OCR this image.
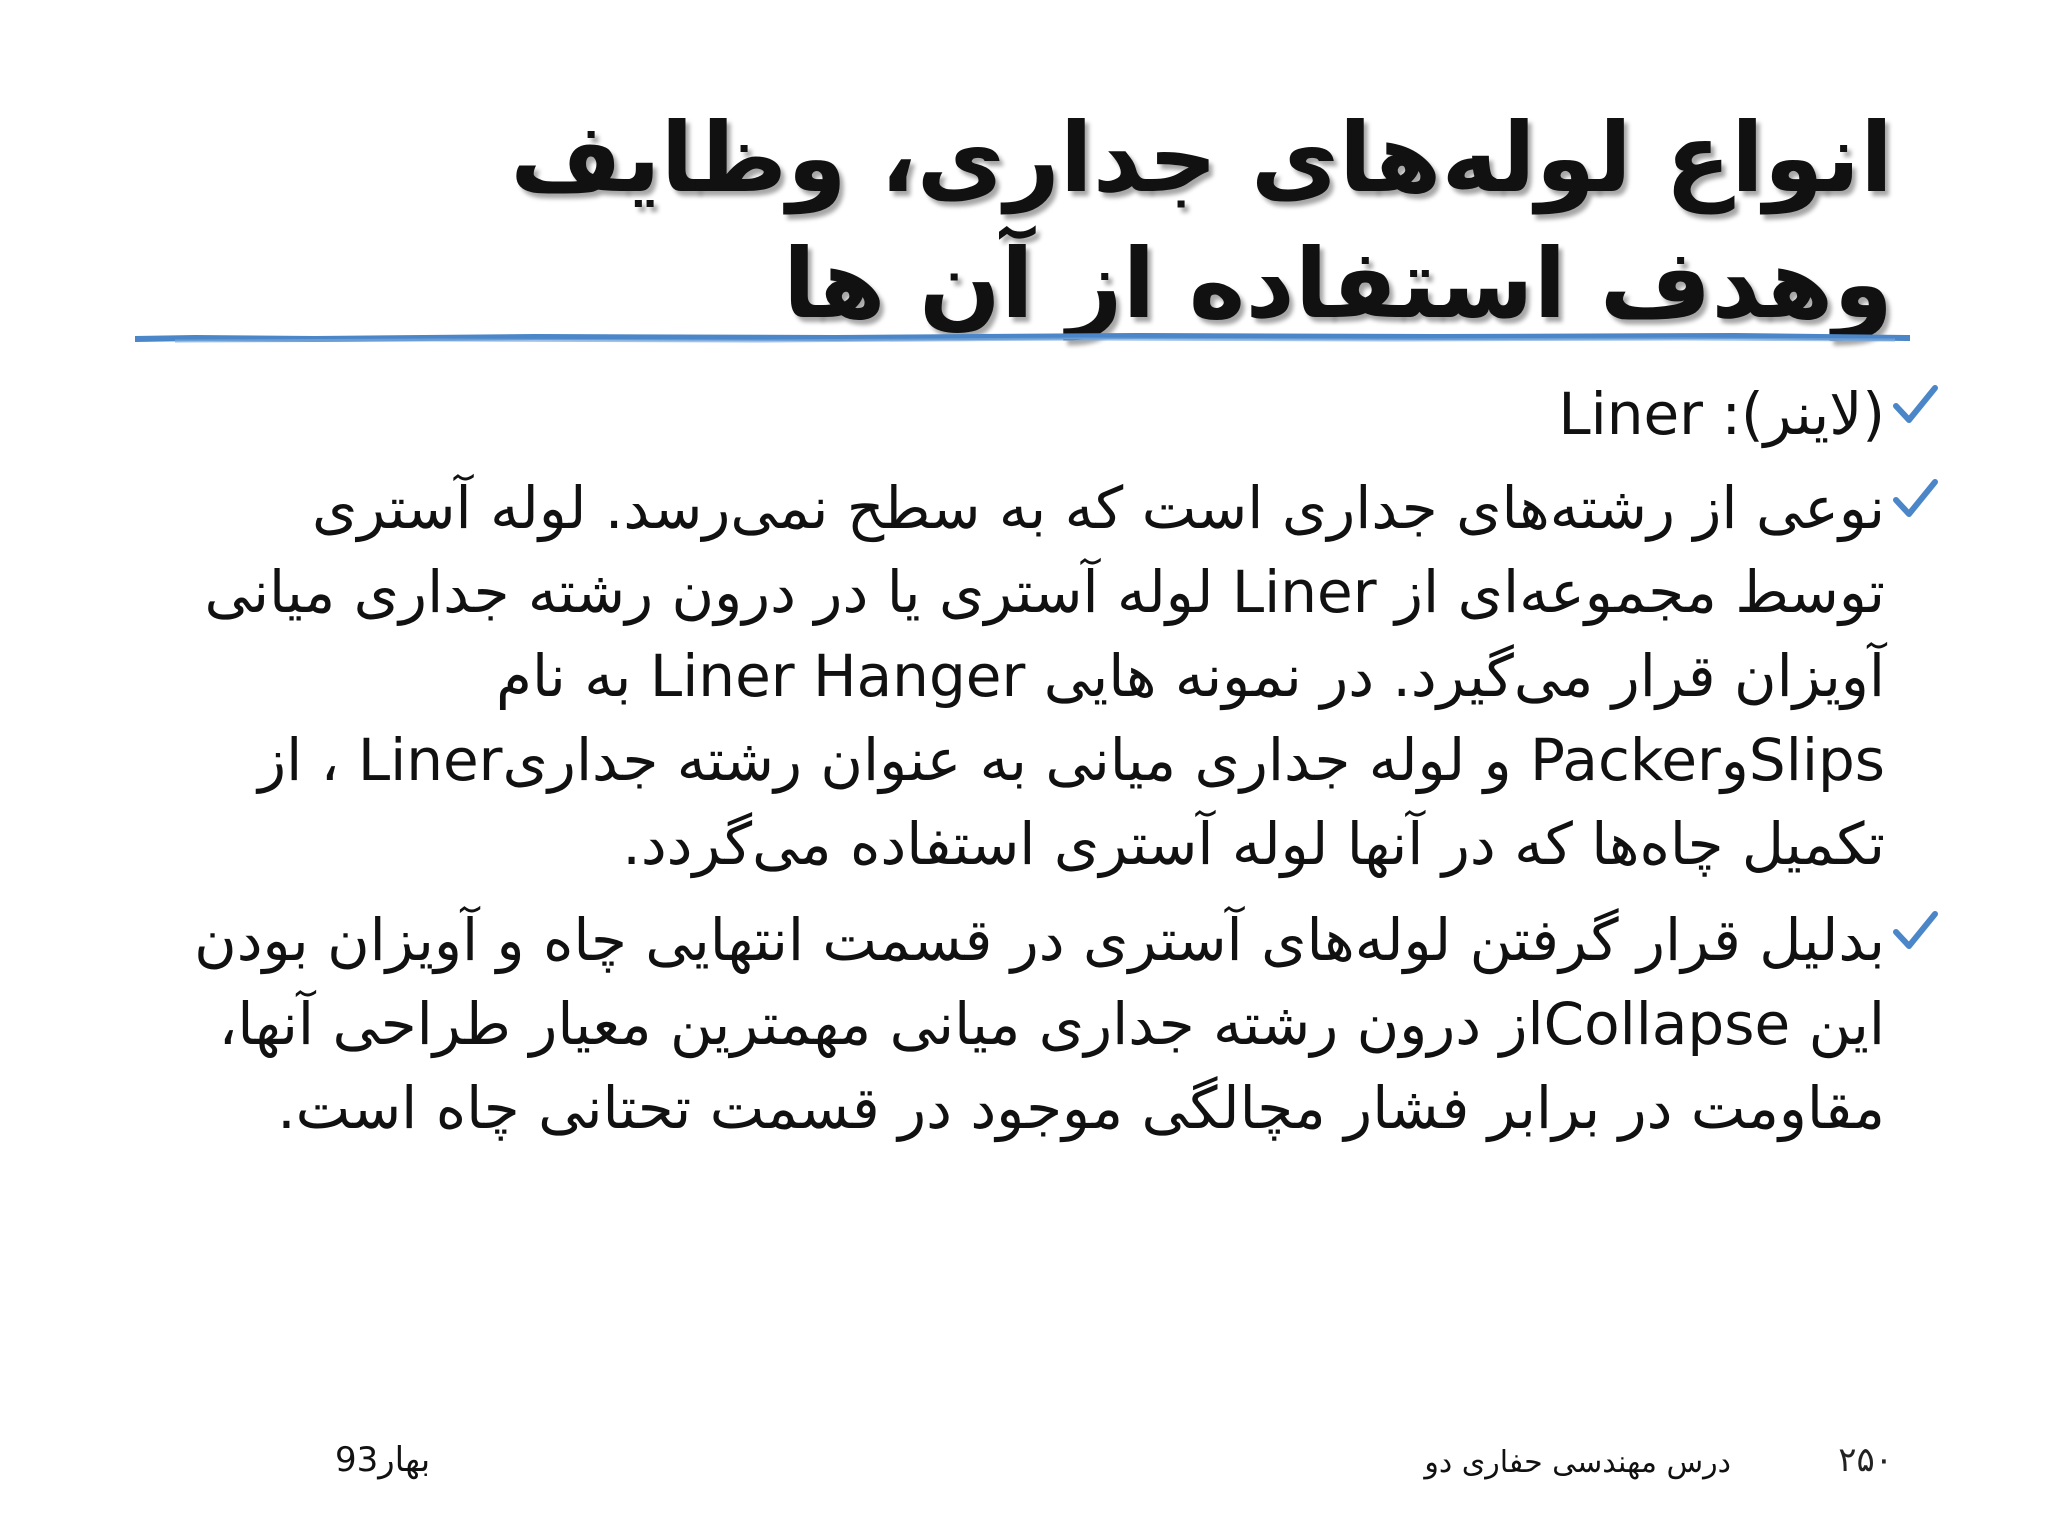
انواع لوله‌های جداری، وظایف وهدف استفاده از آن ها
(لاینر): Liner
نوعی از رشته‌های جداری است که به سطح نمی‌رسد. لوله آستری توسط مجموعه‌ای از Liner لوله آستری یا در درون رشته جداری میانی آویزان قرار می‌گیرد. در نمونه هایی Liner Hanger به نام SlipsوPacker و لوله جداری میانی به عنوان رشته جداریLiner ، از تکمیل چاه‌ها که در آنها لوله آستری استفاده می‌گردد.
بدلیل قرار گرفتن لوله‌های آستری در قسمت انتهایی چاه و آویزان بودن این Collapseاز درون رشته جداری میانی مهمترین معیار طراحی آنها، مقاومت در برابر فشار مچالگی موجود در قسمت تحتانی چاه است.
۲۵۰
درس مهندسی حفاری دو
بهار93
